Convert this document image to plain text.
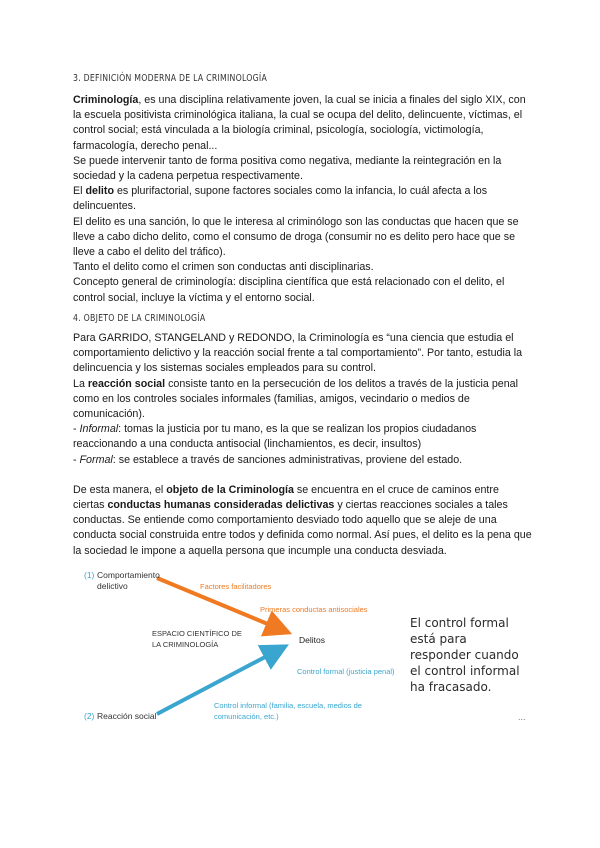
3. DEFINICIÓN MODERNA DE LA CRIMINOLOGÍA

Criminología, es una disciplina relativamente joven, la cual se inicia a finales del siglo XIX, con la escuela positivista criminológica italiana, la cual se ocupa del delito, delincuente, víctimas, el control social; está vinculada a la biología criminal, psicología, sociología, victimología, farmacología, derecho penal...

Se puede intervenir tanto de forma positiva como negativa, mediante la reintegración en la sociedad y la cadena perpetua respectivamente.

El delito es plurifactorial, supone factores sociales como la infancia, lo cuál afecta a los delincuentes.

El delito es una sanción, lo que le interesa al criminólogo son las conductas que hacen que se lleve a cabo dicho delito, como el consumo de droga (consumir no es delito pero hace que se lleve a cabo el delito del tráfico).

Tanto el delito como el crimen son conductas anti disciplinarias.

Concepto general de criminología: disciplina científica que está relacionado con el delito, el control social, incluye la víctima y el entorno social.

4. OBJETO DE LA CRIMINOLOGÍA

Para GARRIDO, STANGELAND y REDONDO, la Criminología es “una ciencia que estudia el comportamiento delictivo y la reacción social frente a tal comportamiento”. Por tanto, estudia la delincuencia y los sistemas sociales empleados para su control.

La reacción social consiste tanto en la persecución de los delitos a través de la justicia penal como en los controles sociales informales (familias, amigos, vecindario o medios de comunicación).

- Informal: tomas la justicia por tu mano, es la que se realizan los propios ciudadanos reaccionando a una conducta antisocial (linchamientos, es decir, insultos)

- Formal: se establece a través de sanciones administrativas, proviene del estado.

De esta manera, el objeto de la Criminología se encuentra en el cruce de caminos entre ciertas conductas humanas consideradas delictivas y ciertas reacciones sociales a tales conductas. Se entiende como comportamiento desviado todo aquello que se aleje de una conducta social construida entre todos y definida como normal. Así pues, el delito es la pena que la sociedad le impone a aquella persona que incumple una conducta desviada.

(1) Comportamiento
delictivo
(2) Reacción social
ESPACIO CIENTÍFICO DE
LA CRIMINOLOGÍA	Delitos
Factores facilitadores
Primeras conductas antisociales
Control formal (justicia penal)
Control informal (familia, escuela, medios de
comunicación, etc.)

El control formal

está para

responder cuando

el control informal

ha fracasado.

...
